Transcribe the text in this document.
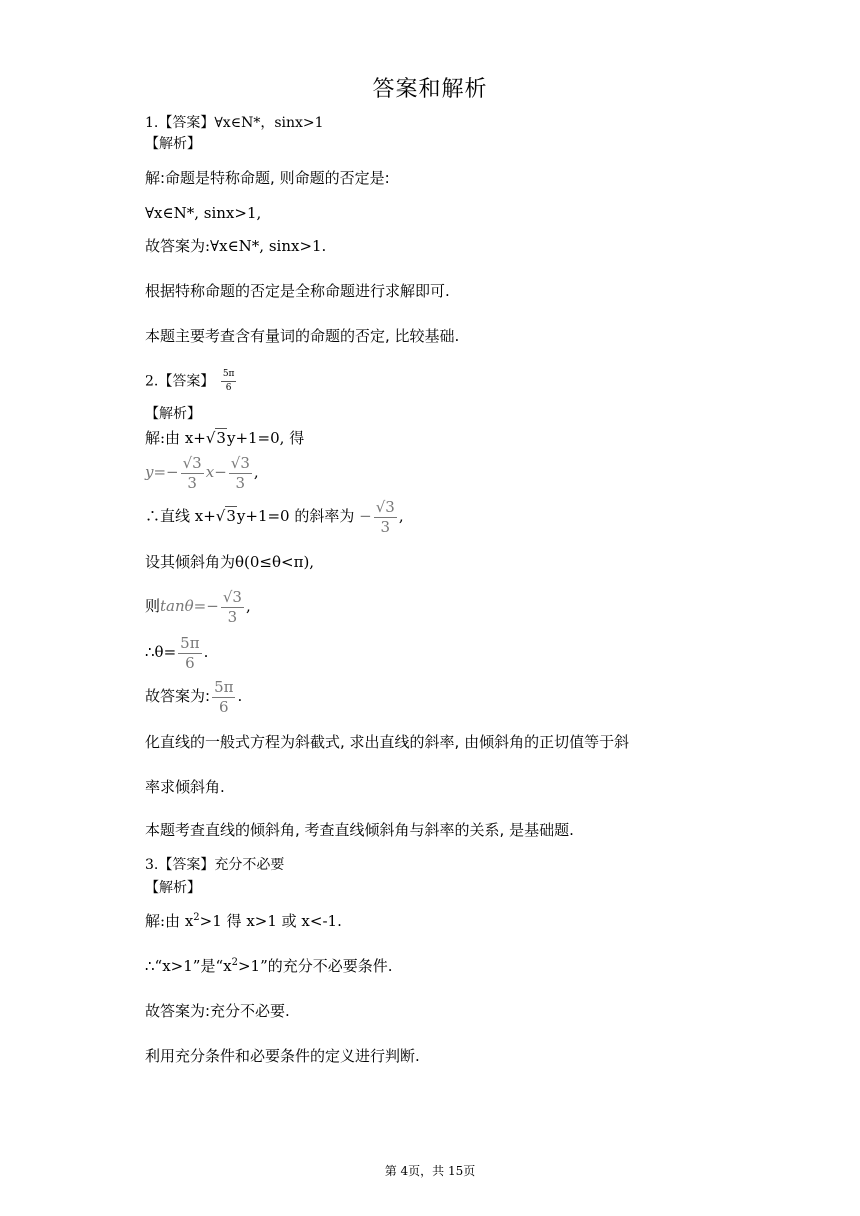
答案和解析
1.【答案】∀x∈N*，sinx>1
【解析】
解:命题是特称命题, 则命题的否定是:
∀x∈N*, sinx>1,
故答案为:∀x∈N*, sinx>1.
根据特称命题的否定是全称命题进行求解即可.
本题主要考查含有量词的命题的否定, 比较基础.
2.【答案】 $\frac{5\pi}{6}$
【解析】
解:由 x+√3y+1=0, 得
$y=- \frac{√3}{3} x- \frac{√3}{3}$ ,
∴直线 x+√3y+1=0 的斜率为 − $\frac{√3}{3}$ ,
设其倾斜角为θ(0≤θ<π),
则$\tan\theta=- \frac{√3}{3}$ ,
∴θ= $\frac{5\pi}{6}$ .
故答案为: $\frac{5\pi}{6}$ .
化直线的一般式方程为斜截式, 求出直线的斜率, 由倾斜角的正切值等于斜
率求倾斜角.
本题考查直线的倾斜角, 考查直线倾斜角与斜率的关系, 是基础题.
3.【答案】充分不必要
【解析】
解:由 $x^2>1$ 得 x>1 或 x<-1.
∴“x>1”是“$x^2>1$”的充分不必要条件.
故答案为:充分不必要.
利用充分条件和必要条件的定义进行判断.
第 4页，共 15页
